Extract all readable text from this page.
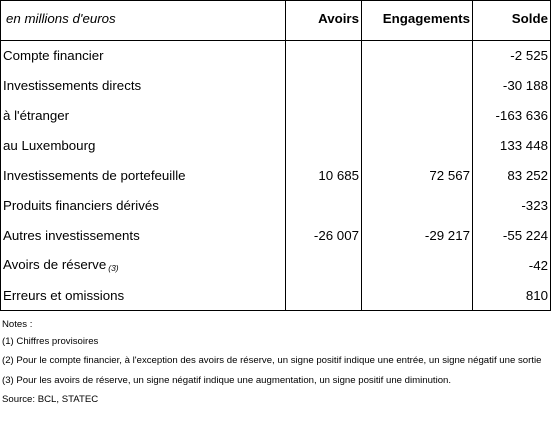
en millions d'euros	Avoirs	Engagements	Solde
Compte financier			-2 525
Investissements directs			-30 188
à l'étranger			-163 636
au Luxembourg			133 448
Investissements de portefeuille	10 685	72 567	83 252
Produits financiers dérivés			-323
Autres investissements	-26 007	-29 217	-55 224
Avoirs de réserve $_{(3)}$			-42
Erreurs et omissions			810
Notes :
(1) Chiffres provisoires
(2) Pour le compte financier, à l'exception des avoirs de réserve, un signe positif indique une entrée, un signe négatif une sortie
(3) Pour les avoirs de réserve, un signe négatif indique une augmentation, un signe positif une diminution.
Source: BCL, STATEC
